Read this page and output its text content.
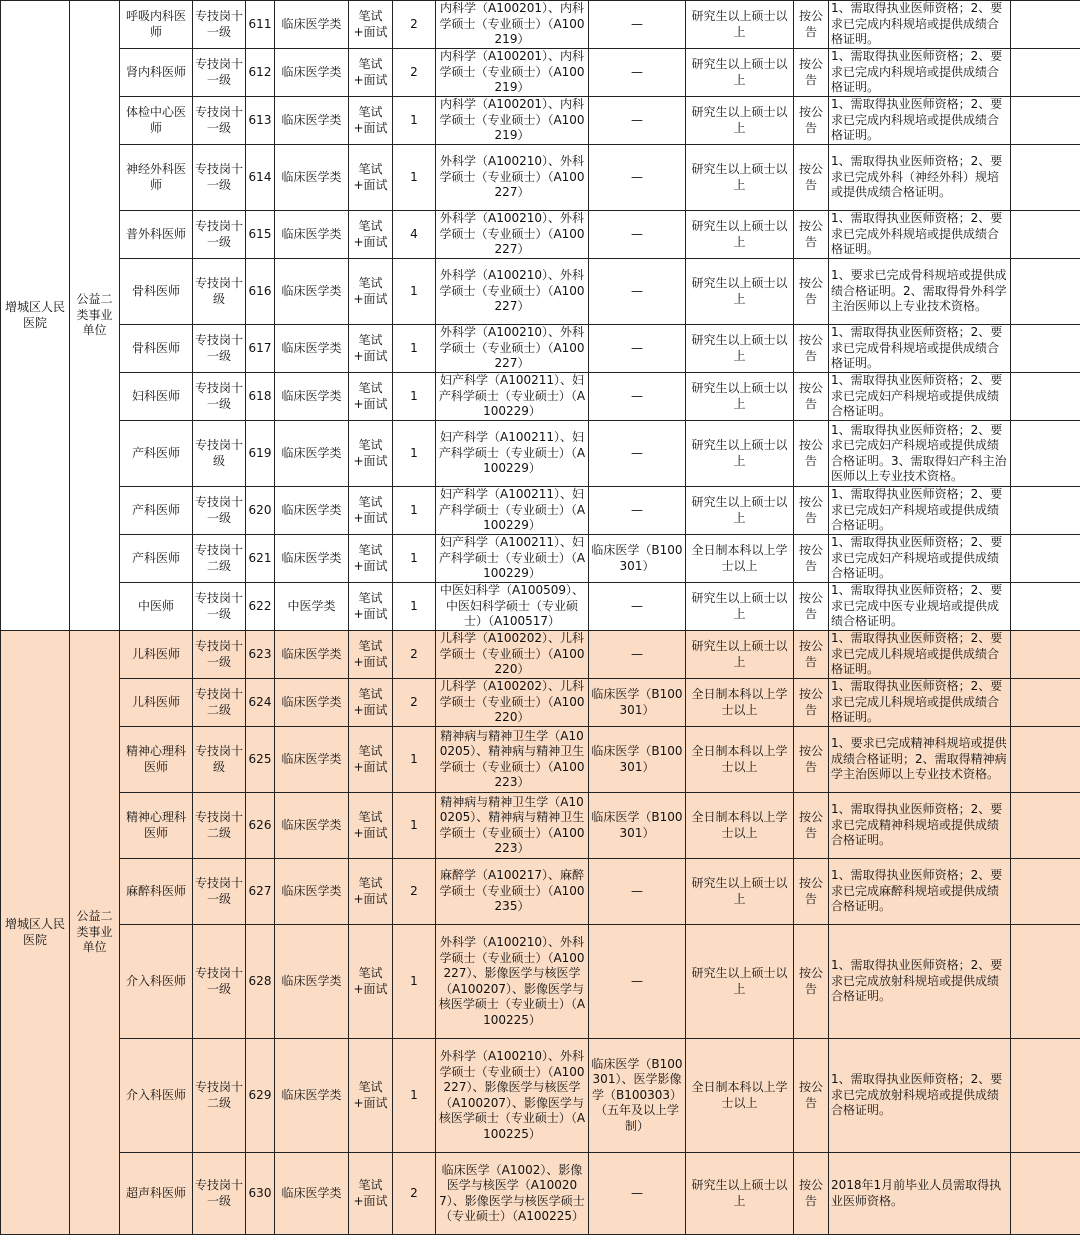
增城区人民医院	公益二类事业单位	呼吸内科医师	专技岗十一级	611	临床医学类	笔试+面试	2	内科学（A100201）、内科学硕士（专业硕士）（A100219）	—	研究生以上硕士以上	按公告	1、需取得执业医师资格；2、要求已完成内科规培或提供成绩合格证明。	
		肾内科医师	专技岗十一级	612	临床医学类	笔试+面试	2	内科学（A100201）、内科学硕士（专业硕士）（A100219）	—	研究生以上硕士以上	按公告	1、需取得执业医师资格；2、要求已完成内科规培或提供成绩合格证明。	
		体检中心医师	专技岗十一级	613	临床医学类	笔试+面试	1	内科学（A100201）、内科学硕士（专业硕士）（A100219）	—	研究生以上硕士以上	按公告	1、需取得执业医师资格；2、要求已完成内科规培或提供成绩合格证明。	
		神经外科医师	专技岗十一级	614	临床医学类	笔试+面试	1	外科学（A100210）、外科学硕士（专业硕士）（A100227）	—	研究生以上硕士以上	按公告	1、需取得执业医师资格；2、要求已完成外科（神经外科）规培或提供成绩合格证明。	
		普外科医师	专技岗十一级	615	临床医学类	笔试+面试	4	外科学（A100210）、外科学硕士（专业硕士）（A100227）	—	研究生以上硕士以上	按公告	1、需取得执业医师资格；2、要求已完成外科规培或提供成绩合格证明。	
		骨科医师	专技岗十级	616	临床医学类	笔试+面试	1	外科学（A100210）、外科学硕士（专业硕士）（A100227）	—	研究生以上硕士以上	按公告	1、要求已完成骨科规培或提供成绩合格证明。2、需取得骨外科学主治医师以上专业技术资格。	
		骨科医师	专技岗十一级	617	临床医学类	笔试+面试	1	外科学（A100210）、外科学硕士（专业硕士）（A100227）	—	研究生以上硕士以上	按公告	1、需取得执业医师资格；2、要求已完成骨科规培或提供成绩合格证明。	
		妇科医师	专技岗十一级	618	临床医学类	笔试+面试	1	妇产科学（A100211）、妇产科学硕士（专业硕士）（A100229）	—	研究生以上硕士以上	按公告	1、需取得执业医师资格；2、要求已完成妇产科规培或提供成绩合格证明。	
		产科医师	专技岗十级	619	临床医学类	笔试+面试	1	妇产科学（A100211）、妇产科学硕士（专业硕士）（A100229）	—	研究生以上硕士以上	按公告	1、需取得执业医师资格；2、要求已完成妇产科规培或提供成绩合格证明。3、需取得妇产科主治医师以上专业技术资格。	
		产科医师	专技岗十一级	620	临床医学类	笔试+面试	1	妇产科学（A100211）、妇产科学硕士（专业硕士）（A100229）	—	研究生以上硕士以上	按公告	1、需取得执业医师资格；2、要求已完成妇产科规培或提供成绩合格证明。	
		产科医师	专技岗十二级	621	临床医学类	笔试+面试	1	妇产科学（A100211）、妇产科学硕士（专业硕士）（A100229）	临床医学（B100301）	全日制本科以上学士以上	按公告	1、需取得执业医师资格；2、要求已完成妇产科规培或提供成绩合格证明。	
		中医师	专技岗十一级	622	中医学类	笔试+面试	1	中医妇科学（A100509）、中医妇科学硕士（专业硕士）（A100517）	—	研究生以上硕士以上	按公告	1、需取得执业医师资格；2、要求已完成中医专业规培或提供成绩合格证明。	
增城区人民医院	公益二类事业单位	儿科医师	专技岗十一级	623	临床医学类	笔试+面试	2	儿科学（A100202）、儿科学硕士（专业硕士）（A100220）	—	研究生以上硕士以上	按公告	1、需取得执业医师资格；2、要求已完成儿科规培或提供成绩合格证明。	
		儿科医师	专技岗十二级	624	临床医学类	笔试+面试	2	儿科学（A100202）、儿科学硕士（专业硕士）（A100220）	临床医学（B100301）	全日制本科以上学士以上	按公告	1、需取得执业医师资格；2、要求已完成儿科规培或提供成绩合格证明。	
		精神心理科医师	专技岗十级	625	临床医学类	笔试+面试	1	精神病与精神卫生学（A100205）、精神病与精神卫生学硕士（专业硕士）（A100223）	临床医学（B100301）	全日制本科以上学士以上	按公告	1、要求已完成精神科规培或提供成绩合格证明；2、需取得精神病学主治医师以上专业技术资格。	
		精神心理科医师	专技岗十二级	626	临床医学类	笔试+面试	1	精神病与精神卫生学（A100205）、精神病与精神卫生学硕士（专业硕士）（A100223）	临床医学（B100301）	全日制本科以上学士以上	按公告	1、需取得执业医师资格；2、要求已完成精神科规培或提供成绩合格证明。	
		麻醉科医师	专技岗十一级	627	临床医学类	笔试+面试	2	麻醉学（A100217）、麻醉学硕士（专业硕士）（A100235）	—	研究生以上硕士以上	按公告	1、需取得执业医师资格；2、要求已完成麻醉科规培或提供成绩合格证明。	
		介入科医师	专技岗十一级	628	临床医学类	笔试+面试	1	外科学（A100210）、外科学硕士（专业硕士）（A100227）、影像医学与核医学（A100207）、影像医学与核医学硕士（专业硕士）（A100225）	—	研究生以上硕士以上	按公告	1、需取得执业医师资格；2、要求已完成放射科规培或提供成绩合格证明。	
		介入科医师	专技岗十二级	629	临床医学类	笔试+面试	1	外科学（A100210）、外科学硕士（专业硕士）（A100227）、影像医学与核医学（A100207）、影像医学与核医学硕士（专业硕士）（A100225）	临床医学（B100301）、医学影像学（B100303）（五年及以上学制）	全日制本科以上学士以上	按公告	1、需取得执业医师资格；2、要求已完成放射科规培或提供成绩合格证明。	
		超声科医师	专技岗十一级	630	临床医学类	笔试+面试	2	临床医学（A1002）、影像医学与核医学（A100207）、影像医学与核医学硕士（专业硕士）（A100225）	—	研究生以上硕士以上	按公告	2018年1月前毕业人员需取得执业医师资格。	
